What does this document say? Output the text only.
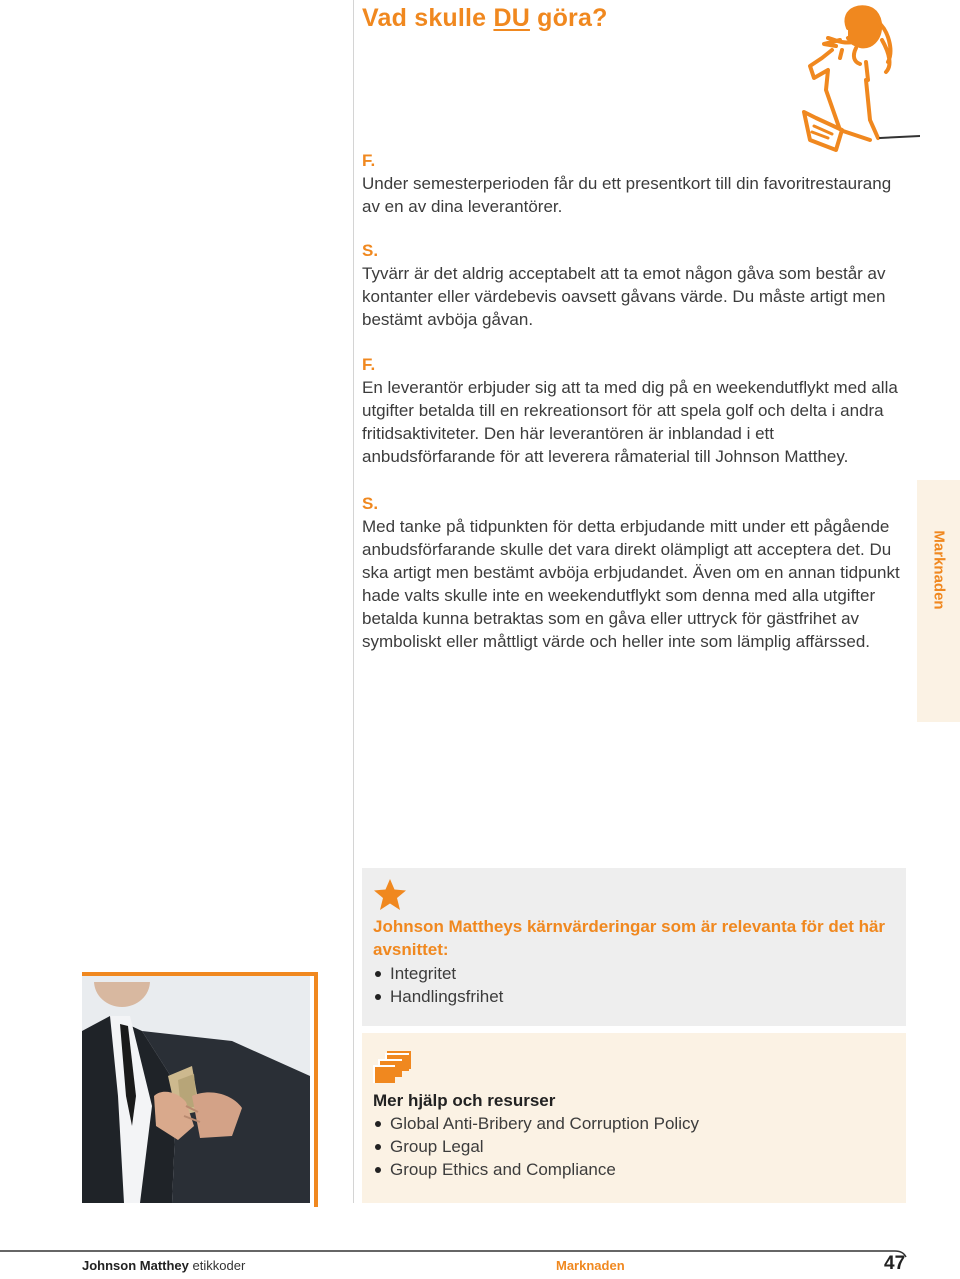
Vad skulle DU göra?

F.

Under semesterperioden får du ett presentkort till din favoritrestaurang av en av dina leverantörer.

S.

Tyvärr är det aldrig acceptabelt att ta emot någon gåva som består av kontanter eller värdebevis oavsett gåvans värde. Du måste artigt men bestämt avböja gåvan.

F.

En leverantör erbjuder sig att ta med dig på en weekendutflykt med alla utgifter betalda till en rekreationsort för att spela golf och delta i andra fritidsaktiviteter. Den här leverantören är inblandad i ett anbudsförfarande för att leverera råmaterial till Johnson Matthey.

S.

Med tanke på tidpunkten för detta erbjudande mitt under ett pågående anbudsförfarande skulle det vara direkt olämpligt att acceptera det. Du ska artigt men bestämt avböja erbjudandet. Även om en annan tidpunkt hade valts skulle inte en weekendutflykt som denna med alla utgifter betalda kunna betraktas som en gåva eller uttryck för gästfrihet av symboliskt eller måttligt värde och heller inte som lämplig affärssed.

Marknaden
Johnson Mattheys kärnvärderingar som är relevanta för det här avsnittet:
Integritet
Handlingsfrihet
Mer hjälp och resurser
Global Anti-Bribery and Corruption Policy
Group Legal
Group Ethics and Compliance
Johnson Matthey etikkoder	Marknaden	47
